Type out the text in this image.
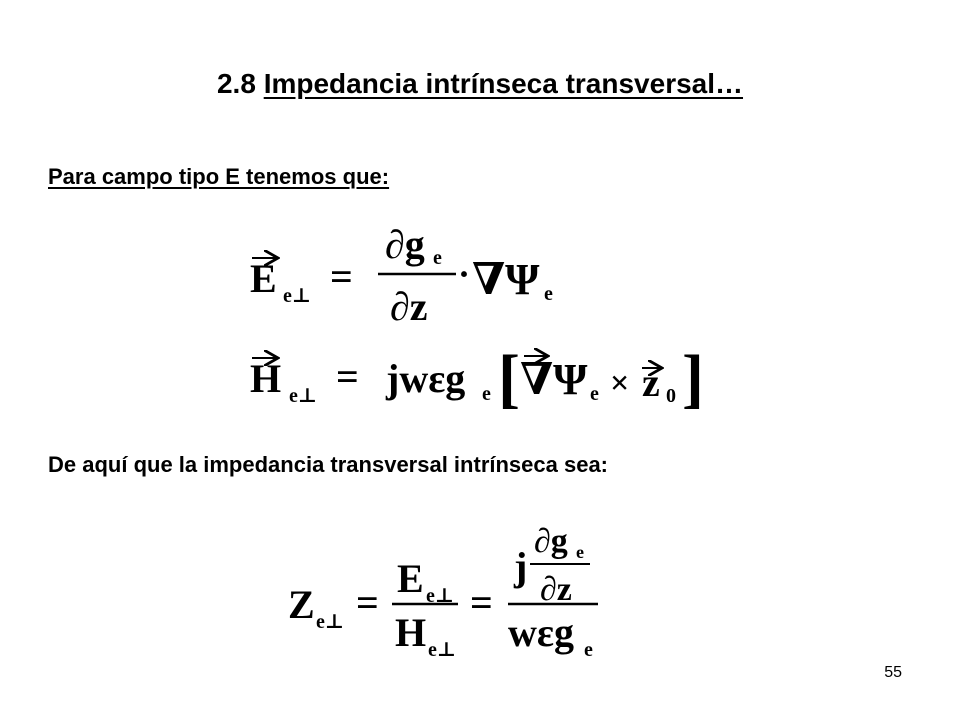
2.8 Impedancia intrínseca transversal…
Para campo tipo E tenemos que:
E e⊥ =
∂g e
∂z
· ∇Ψ e
H e⊥ = jwεg e [ ∇Ψ e × z 0 ]
Z e⊥ =
E e⊥
H e⊥
=
j
∂g e
∂z
wεg e
De aquí que la impedancia transversal intrínseca sea:
55
